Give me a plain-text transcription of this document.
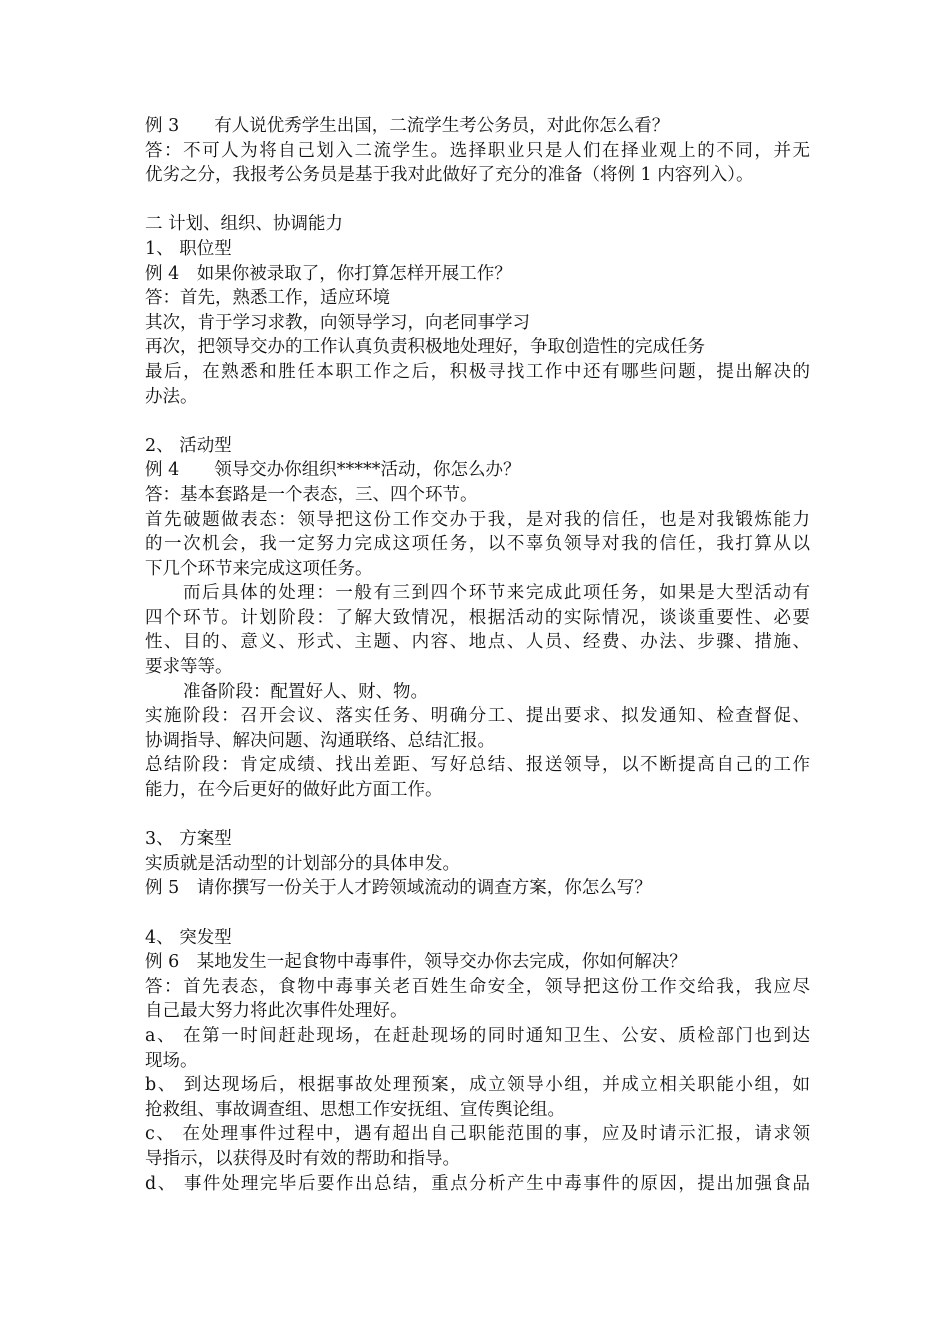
例 3　　有人说优秀学生出国，二流学生考公务员，对此你怎么看？
答：不可人为将自己划入二流学生。选择职业只是人们在择业观上的不同，并无
优劣之分，我报考公务员是基于我对此做好了充分的准备（将例 1 内容列入）。
二 计划、组织、协调能力
1、 职位型
例 4　如果你被录取了，你打算怎样开展工作？
答：首先，熟悉工作，适应环境
其次，肯于学习求教，向领导学习，向老同事学习
再次，把领导交办的工作认真负责积极地处理好，争取创造性的完成任务
最后，在熟悉和胜任本职工作之后，积极寻找工作中还有哪些问题，提出解决的
办法。
2、 活动型
例 4　　领导交办你组织*****活动，你怎么办？
答：基本套路是一个表态，三、四个环节。
首先破题做表态：领导把这份工作交办于我，是对我的信任，也是对我锻炼能力
的一次机会，我一定努力完成这项任务，以不辜负领导对我的信任，我打算从以
下几个环节来完成这项任务。
而后具体的处理：一般有三到四个环节来完成此项任务，如果是大型活动有
四个环节。计划阶段：了解大致情况，根据活动的实际情况，谈谈重要性、必要
性、目的、意义、形式、主题、内容、地点、人员、经费、办法、步骤、措施、
要求等等。
准备阶段：配置好人、财、物。
实施阶段：召开会议、落实任务、明确分工、提出要求、拟发通知、检查督促、
协调指导、解决问题、沟通联络、总结汇报。
总结阶段：肯定成绩、找出差距、写好总结、报送领导，以不断提高自己的工作
能力，在今后更好的做好此方面工作。
3、 方案型
实质就是活动型的计划部分的具体申发。
例 5　请你撰写一份关于人才跨领域流动的调查方案，你怎么写？
4、 突发型
例 6　某地发生一起食物中毒事件，领导交办你去完成，你如何解决？
答：首先表态，食物中毒事关老百姓生命安全，领导把这份工作交给我，我应尽
自己最大努力将此次事件处理好。
a、 在第一时间赶赴现场，在赶赴现场的同时通知卫生、公安、质检部门也到达
现场。
b、 到达现场后，根据事故处理预案，成立领导小组，并成立相关职能小组，如
抢救组、事故调查组、思想工作安抚组、宣传舆论组。
c、 在处理事件过程中，遇有超出自己职能范围的事，应及时请示汇报，请求领
导指示，以获得及时有效的帮助和指导。
d、 事件处理完毕后要作出总结，重点分析产生中毒事件的原因，提出加强食品
